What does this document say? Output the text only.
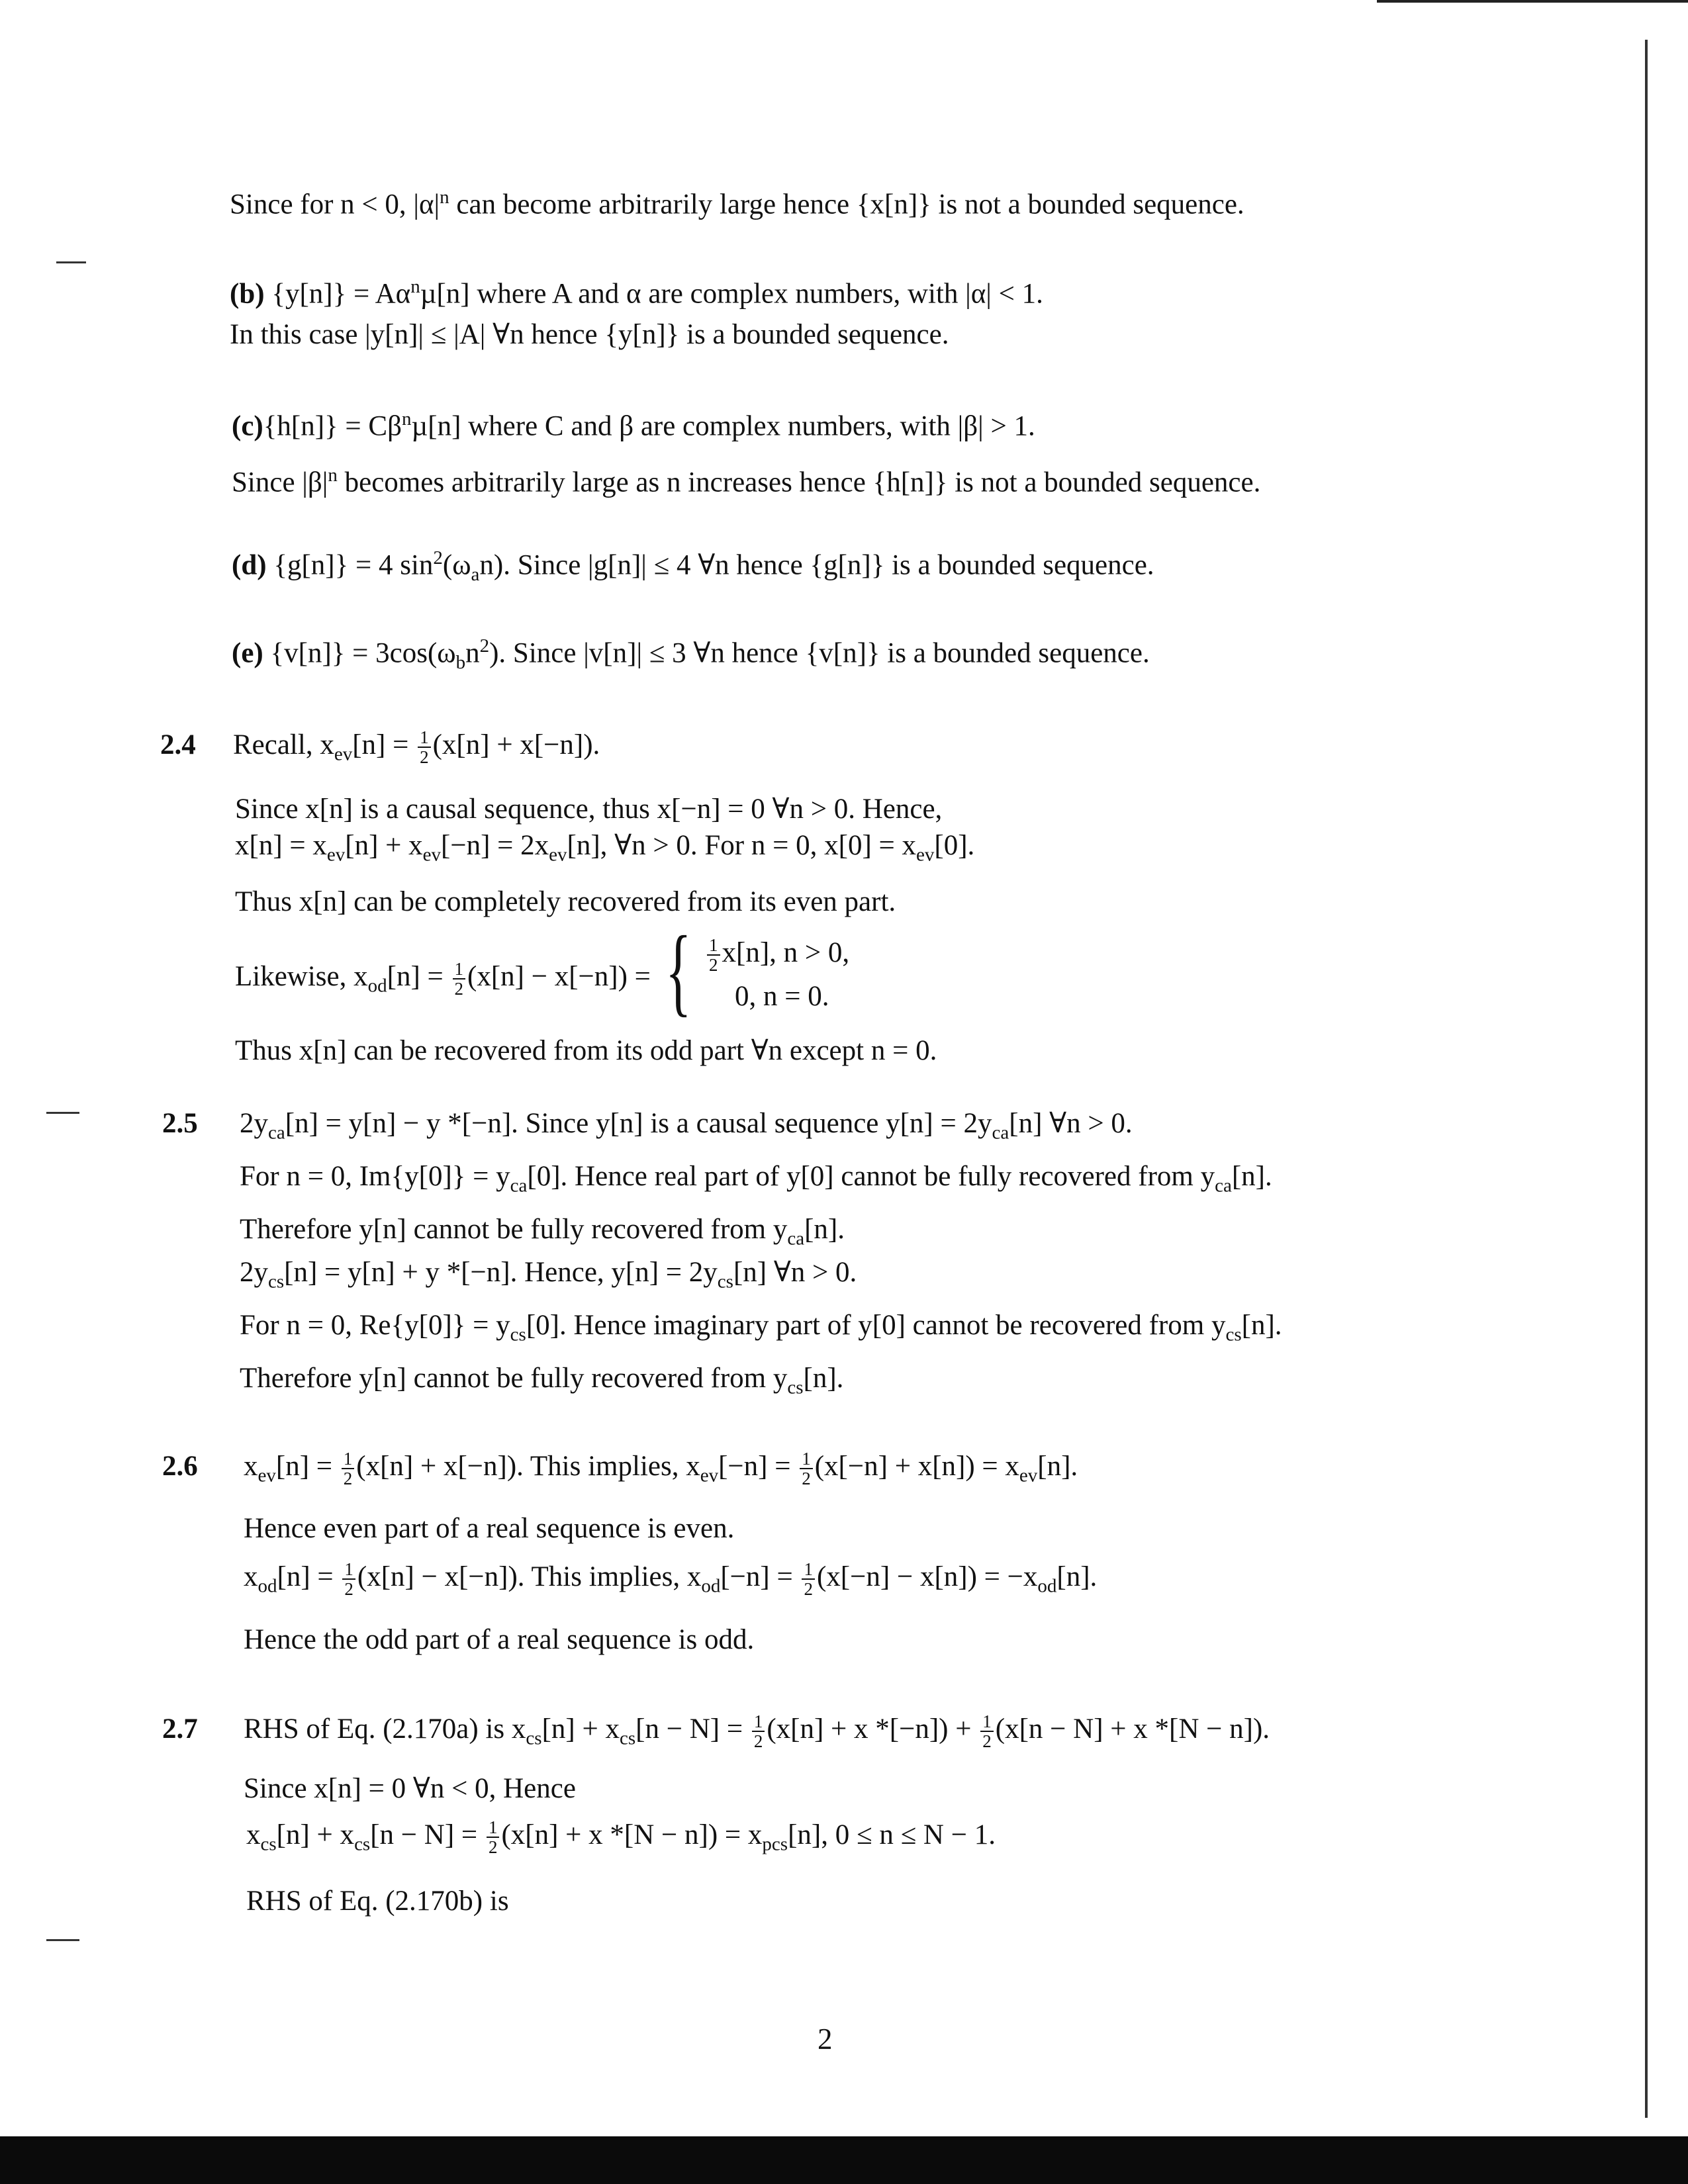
Since for n < 0, $|\alpha|^n$ can become arbitrarily large hence {x[n]} is not a bounded sequence.
(b) $\{y[n]\} = A\alpha^n\mu[n]$ where A and α are complex numbers, with |α| < 1.
In this case |y[n]| ≤ |A| ∀n hence {y[n]} is a bounded sequence.
$(c)\{h[n]\} = C\beta^n\mu[n]$ where C and β are complex numbers, with |β| > 1.
Since $|\beta|^n$ becomes arbitrarily large as n increases hence {h[n]} is not a bounded sequence.
(d) {g[n]} = 4 $\sin^2(\omega_an)$. Since |g[n]| ≤ 4 ∀n hence {g[n]} is a bounded sequence.
(e) $\{v[n]\} = 3\cos(\omega_bn^2)$. Since |v[n]| ≤ 3 ∀n hence {v[n]} is a bounded sequence.
2.4 Recall, $x_{ev}[n] = \frac{1}{2} (x[n] + x[-n])$.
Since x[n] is a causal sequence, thus x[−n] = 0 ∀n > 0. Hence,
$x[n] = x_{ev}[n] + x_{ev}[-n] = 2x_{ev}[n]$, ∀n > 0. For n = 0, $x[0] = x_{ev}[0]$.
Thus x[n] can be completely recovered from its even part.
Likewise, $x_{od}[n] = \frac{1}{2} (x[n] - x[-n])$ = { $\frac{1}{2} x[n]$, n > 0,
0, n = 0.
Thus x[n] can be recovered from its odd part ∀n except n = 0.
2.5 $2y_{ca}[n] = y[n] - y$ *[−n]. Since y[n] is a causal sequence $y[n] = 2y_{ca}[n]$ ∀n > 0.
For n = 0, $Im\{y[0]\} = y_{ca}[0]$. Hence real part of y[0] cannot be fully recovered from $y_{ca}[n]$.
Therefore y[n] cannot be fully recovered from $y_{ca}[n]$.
$2y_{cs}[n] = y[n] + y$ *[−n]. Hence, $y[n] = 2y_{cs}[n]$ ∀n > 0.
For n = 0, $Re\{y[0]\} = y_{cs}[0]$. Hence imaginary part of y[0] cannot be recovered from $y_{cs}[n]$.
Therefore y[n] cannot be fully recovered from $y_{cs}[n]$.
2.6 $x_{ev}[n] = \frac{1}{2} (x[n] + x[-n])$. This implies, $x_{ev}[-n] = \frac{1}{2} (x[-n] + x[n]) = x_{ev}[n]$.
Hence even part of a real sequence is even.
$x_{od}[n] = \frac{1}{2} (x[n] - x[-n])$. This implies, $x_{od}[-n] = \frac{1}{2} (x[-n] - x[n]) = -x_{od}[n]$.
Hence the odd part of a real sequence is odd.
2.7 RHS of Eq. (2.170a) is $x_{cs}[n] + x_{cs}[n - N] = \frac{1}{2} (x[n] + x$ $*[-n]) + \frac{1}{2} (x[n - N] + x$ *[N − n]).
Since x[n] = 0 ∀n < 0, Hence
$x_{cs}[n] + x_{cs}[n - N] = \frac{1}{2} (x[n] + x$ $*[N - n]) = x_{pcs}[n]$, 0 ≤ n ≤ N − 1.
RHS of Eq. (2.170b) is
2
